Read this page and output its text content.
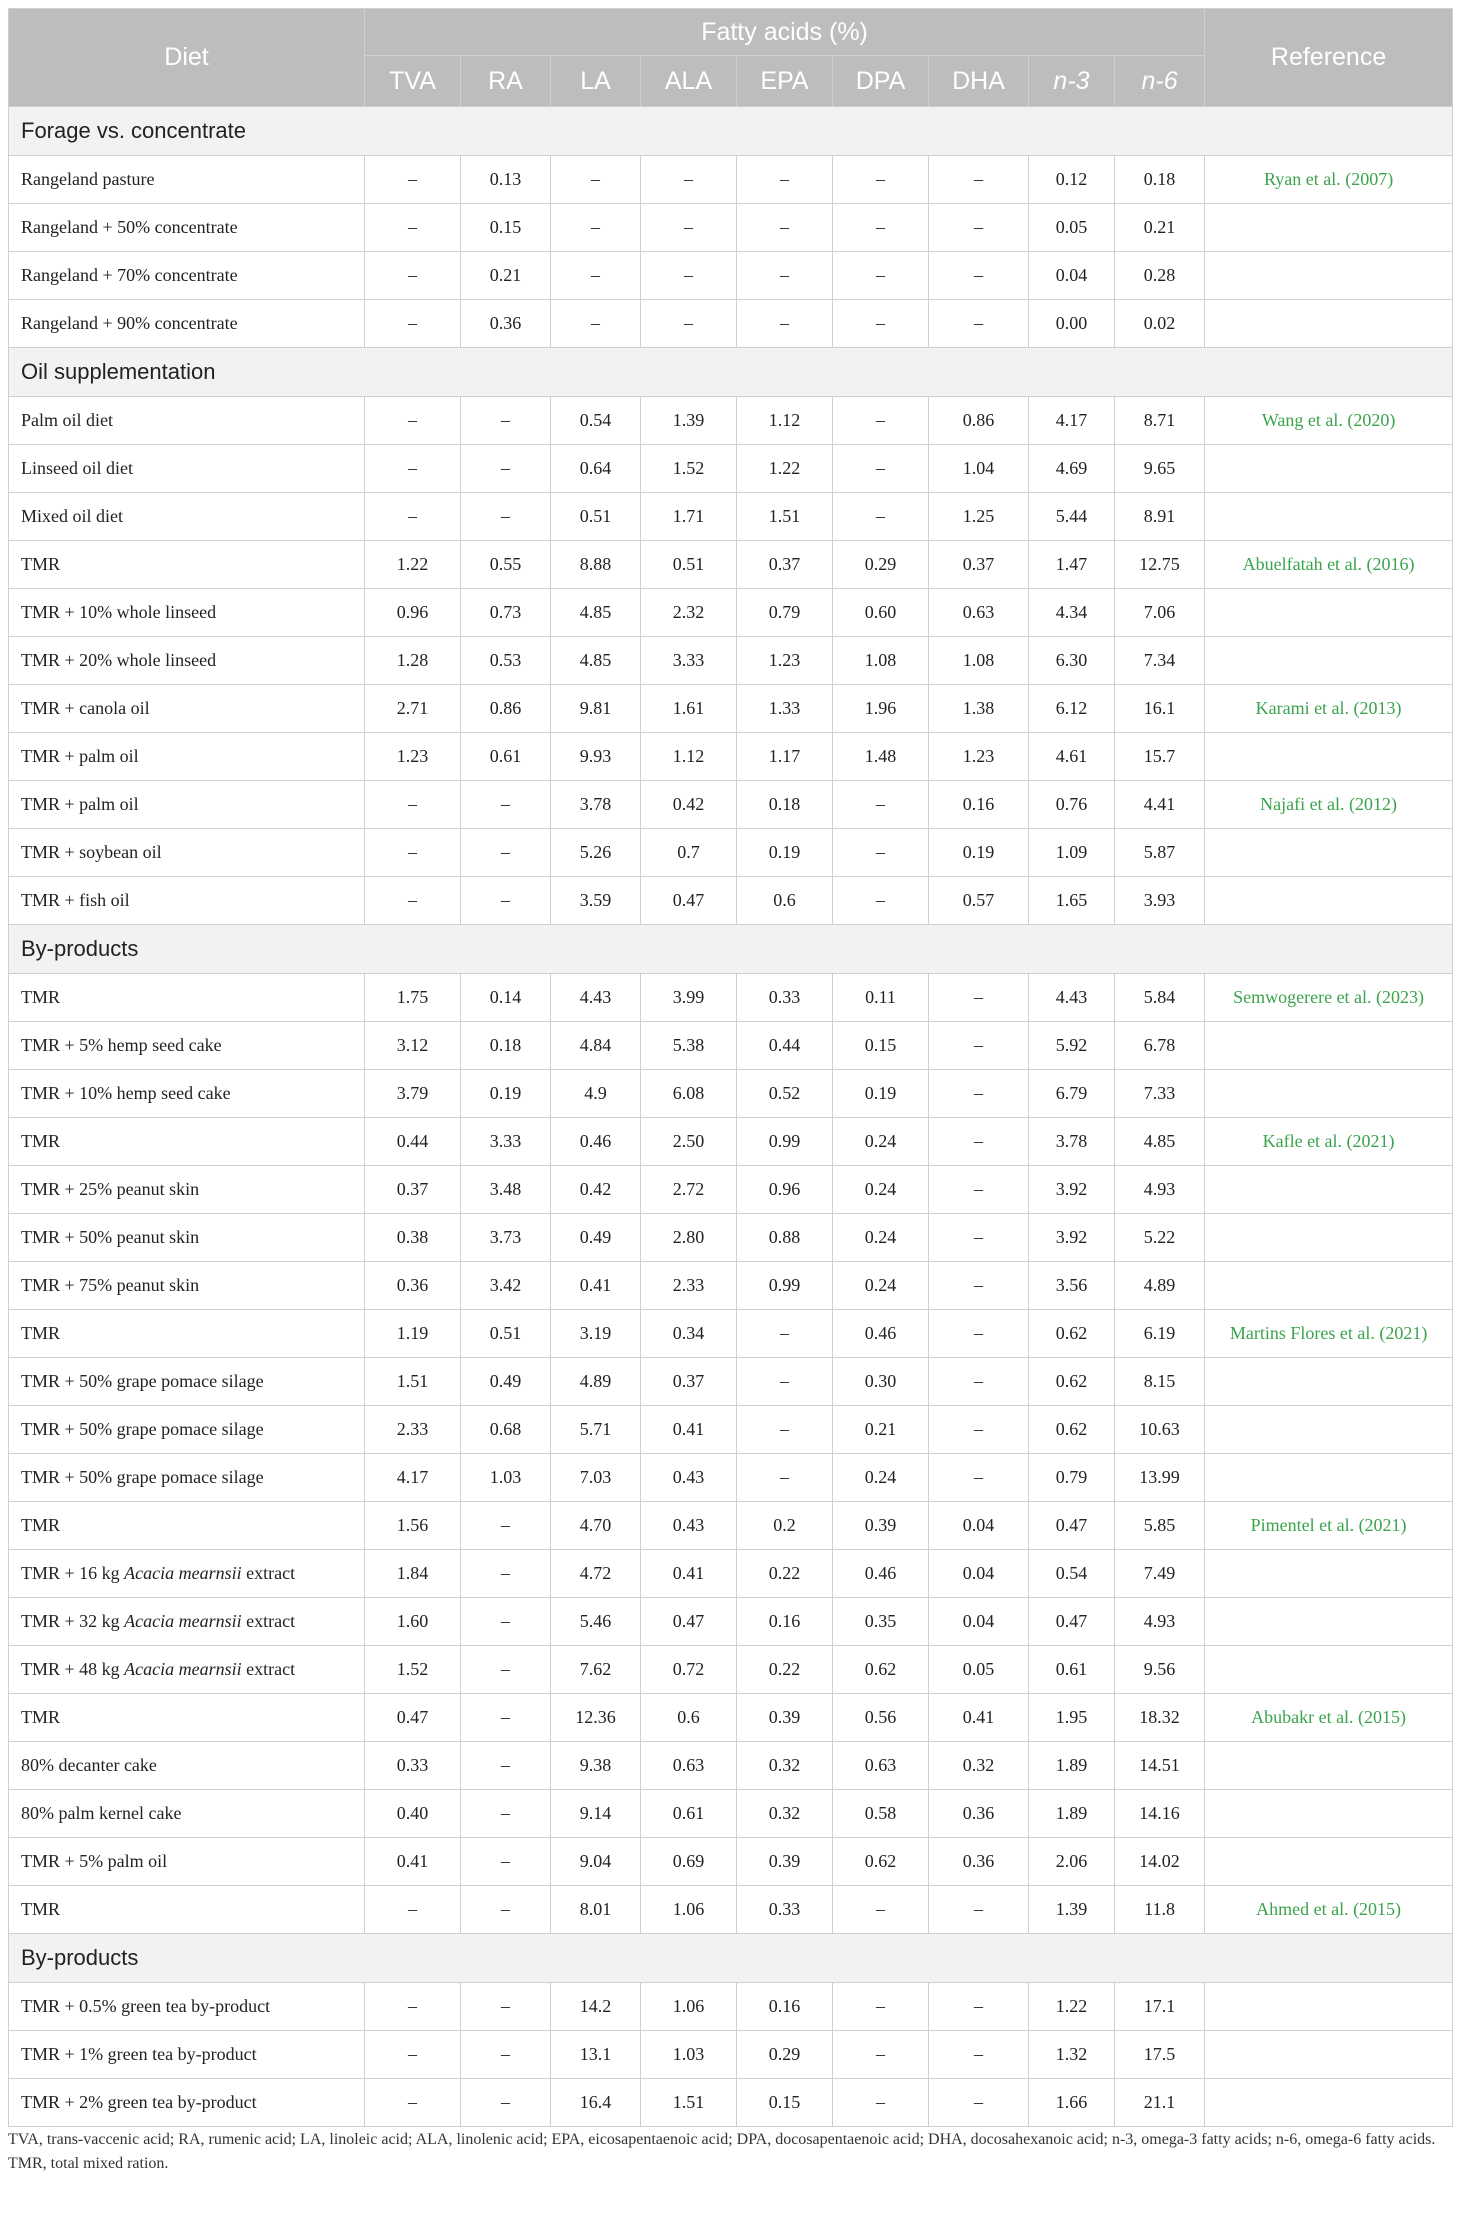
Diet	Fatty acids (%)									Reference
	TVA	RA	LA	ALA	EPA	DPA	DHA	n-3	n-6	
Forage vs. concentrate										
Rangeland pasture	–	0.13	–	–	–	–	–	0.12	0.18	Ryan et al. (2007)
Rangeland + 50% concentrate	–	0.15	–	–	–	–	–	0.05	0.21	
Rangeland + 70% concentrate	–	0.21	–	–	–	–	–	0.04	0.28	
Rangeland + 90% concentrate	–	0.36	–	–	–	–	–	0.00	0.02	
Oil supplementation										
Palm oil diet	–	–	0.54	1.39	1.12	–	0.86	4.17	8.71	Wang et al. (2020)
Linseed oil diet	–	–	0.64	1.52	1.22	–	1.04	4.69	9.65	
Mixed oil diet	–	–	0.51	1.71	1.51	–	1.25	5.44	8.91	
TMR	1.22	0.55	8.88	0.51	0.37	0.29	0.37	1.47	12.75	Abuelfatah et al. (2016)
TMR + 10% whole linseed	0.96	0.73	4.85	2.32	0.79	0.60	0.63	4.34	7.06	
TMR + 20% whole linseed	1.28	0.53	4.85	3.33	1.23	1.08	1.08	6.30	7.34	
TMR + canola oil	2.71	0.86	9.81	1.61	1.33	1.96	1.38	6.12	16.1	Karami et al. (2013)
TMR + palm oil	1.23	0.61	9.93	1.12	1.17	1.48	1.23	4.61	15.7	
TMR + palm oil	–	–	3.78	0.42	0.18	–	0.16	0.76	4.41	Najafi et al. (2012)
TMR + soybean oil	–	–	5.26	0.7	0.19	–	0.19	1.09	5.87	
TMR + fish oil	–	–	3.59	0.47	0.6	–	0.57	1.65	3.93	
By-products										
TMR	1.75	0.14	4.43	3.99	0.33	0.11	–	4.43	5.84	Semwogerere et al. (2023)
TMR + 5% hemp seed cake	3.12	0.18	4.84	5.38	0.44	0.15	–	5.92	6.78	
TMR + 10% hemp seed cake	3.79	0.19	4.9	6.08	0.52	0.19	–	6.79	7.33	
TMR	0.44	3.33	0.46	2.50	0.99	0.24	–	3.78	4.85	Kafle et al. (2021)
TMR + 25% peanut skin	0.37	3.48	0.42	2.72	0.96	0.24	–	3.92	4.93	
TMR + 50% peanut skin	0.38	3.73	0.49	2.80	0.88	0.24	–	3.92	5.22	
TMR + 75% peanut skin	0.36	3.42	0.41	2.33	0.99	0.24	–	3.56	4.89	
TMR	1.19	0.51	3.19	0.34	–	0.46	–	0.62	6.19	Martins Flores et al. (2021)
TMR + 50% grape pomace silage	1.51	0.49	4.89	0.37	–	0.30	–	0.62	8.15	
TMR + 50% grape pomace silage	2.33	0.68	5.71	0.41	–	0.21	–	0.62	10.63	
TMR + 50% grape pomace silage	4.17	1.03	7.03	0.43	–	0.24	–	0.79	13.99	
TMR	1.56	–	4.70	0.43	0.2	0.39	0.04	0.47	5.85	Pimentel et al. (2021)
TMR + 16 kg Acacia mearnsii extract	1.84	–	4.72	0.41	0.22	0.46	0.04	0.54	7.49	
TMR + 32 kg Acacia mearnsii extract	1.60	–	5.46	0.47	0.16	0.35	0.04	0.47	4.93	
TMR + 48 kg Acacia mearnsii extract	1.52	–	7.62	0.72	0.22	0.62	0.05	0.61	9.56	
TMR	0.47	–	12.36	0.6	0.39	0.56	0.41	1.95	18.32	Abubakr et al. (2015)
80% decanter cake	0.33	–	9.38	0.63	0.32	0.63	0.32	1.89	14.51	
80% palm kernel cake	0.40	–	9.14	0.61	0.32	0.58	0.36	1.89	14.16	
TMR + 5% palm oil	0.41	–	9.04	0.69	0.39	0.62	0.36	2.06	14.02	
TMR	–	–	8.01	1.06	0.33	–	–	1.39	11.8	Ahmed et al. (2015)
By-products										
TMR + 0.5% green tea by-product	–	–	14.2	1.06	0.16	–	–	1.22	17.1	
TMR + 1% green tea by-product	–	–	13.1	1.03	0.29	–	–	1.32	17.5	
TMR + 2% green tea by-product	–	–	16.4	1.51	0.15	–	–	1.66	21.1	
TVA, trans-vaccenic acid; RA, rumenic acid; LA, linoleic acid; ALA, linolenic acid; EPA, eicosapentaenoic acid; DPA, docosapentaenoic acid; DHA, docosahexanoic acid; n-3, omega-3 fatty acids; n-6, omega-6 fatty acids.
TMR, total mixed ration.
